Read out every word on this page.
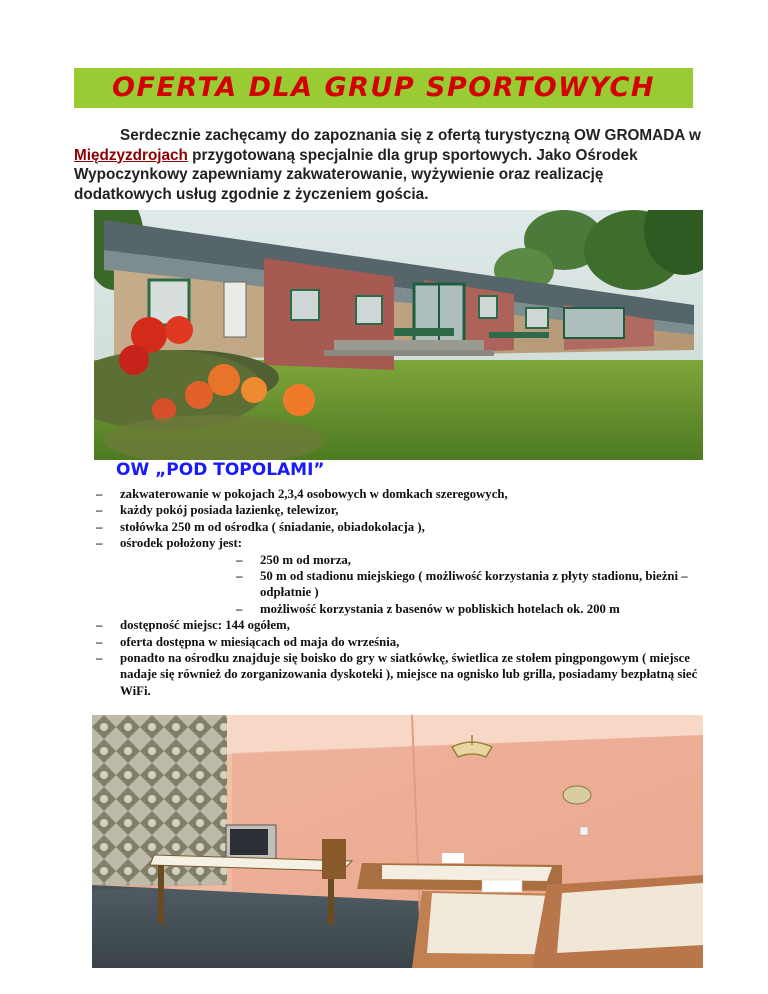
OFERTA DLA GRUP SPORTOWYCH
Serdecznie zachęcamy do zapoznania się z ofertą turystyczną OW GROMADA w Międzyzdrojach przygotowaną specjalnie dla grup sportowych. Jako Ośrodek Wypoczynkowy zapewniamy zakwaterowanie, wyżywienie oraz realizację dodatkowych usług zgodnie z życzeniem gościa.
OW „POD TOPOLAMI”
– zakwaterowanie w pokojach 2,3,4 osobowych w domkach szeregowych,
– każdy pokój posiada łazienkę, telewizor,
– stołówka 250 m od ośrodka ( śniadanie, obiadokolacja ),
– ośrodek położony jest:
– 250 m od morza,
– 50 m od stadionu miejskiego ( możliwość korzystania z płyty stadionu, bieżni – odpłatnie )
– możliwość korzystania z basenów w pobliskich hotelach ok. 200 m
– dostępność miejsc: 144 ogółem,
– oferta dostępna w miesiącach od maja do września,
– ponadto na ośrodku znajduje się boisko do gry w siatkówkę, świetlica ze stołem pingpongowym ( miejsce nadaje się również do zorganizowania dyskoteki ), miejsce na ognisko lub grilla, posiadamy bezpłatną sieć WiFi.
